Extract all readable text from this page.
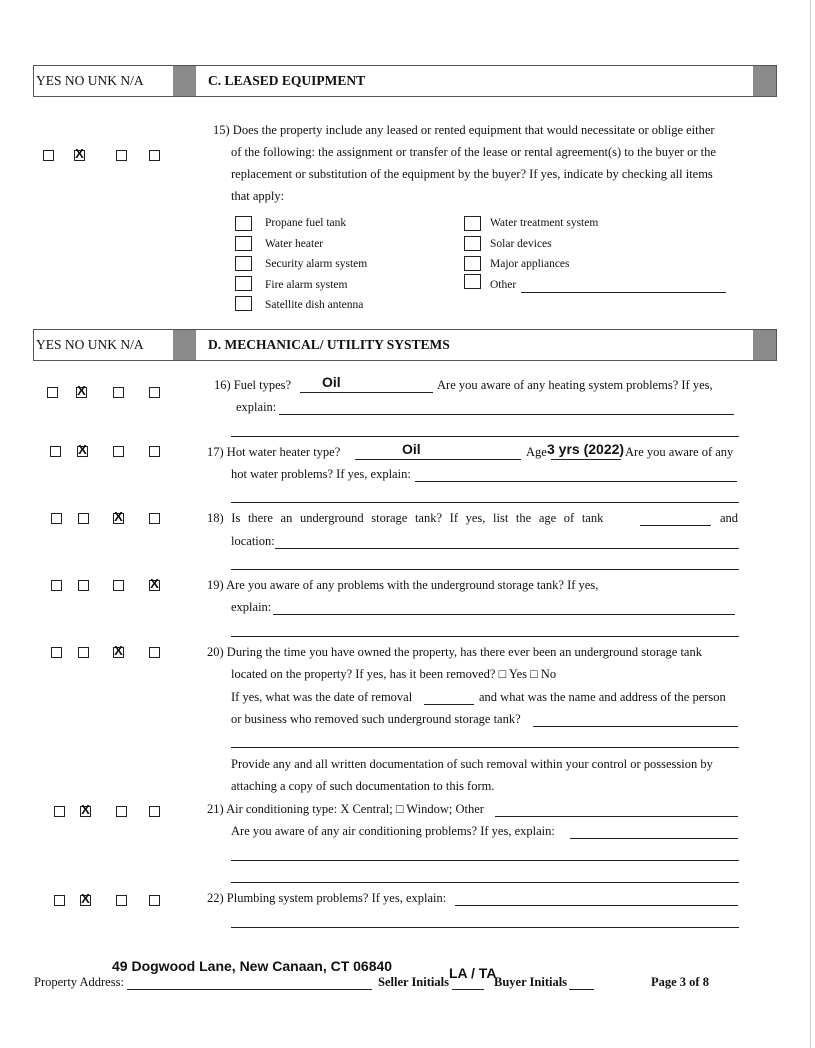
YES NO UNK N/A	C. LEASED EQUIPMENT
X
15) Does the property include any leased or rented equipment that would necessitate or oblige either
of the following: the assignment or transfer of the lease or rental agreement(s) to the buyer or the
replacement or substitution of the equipment by the buyer? If yes, indicate by checking all items
that apply:
Propane fuel tank
Water heater
Security alarm system
Fire alarm system
Satellite dish antenna
Water treatment system
Solar devices
Major appliances
Other
YES NO UNK N/A	D. MECHANICAL/ UTILITY SYSTEMS
X
16) Fuel types? Oil	Are you aware of any heating system problems? If yes,
explain:
X
17) Hot water heater type?	Oil	Age 3 yrs (2022) Are you aware of any
hot water problems? If yes, explain:
X
18) Is there an underground storage tank? If yes, list the age of tank	and
location:
X
19) Are you aware of any problems with the underground storage tank? If yes,
explain:
X
20) During the time you have owned the property, has there ever been an underground storage tank
located on the property? If yes, has it been removed? □ Yes □ No
If yes, what was the date of removal	and what was the name and address of the person
or business who removed such underground storage tank?
Provide any and all written documentation of such removal within your control or possession by
attaching a copy of such documentation to this form.
X
21) Air conditioning type: X Central; □ Window; Other
Are you aware of any air conditioning problems? If yes, explain:
X
22) Plumbing system problems? If yes, explain:
49 Dogwood Lane, New Canaan, CT 06840
Property Address:	Seller Initials
LA / TA
Buyer Initials	Page 3 of 8
